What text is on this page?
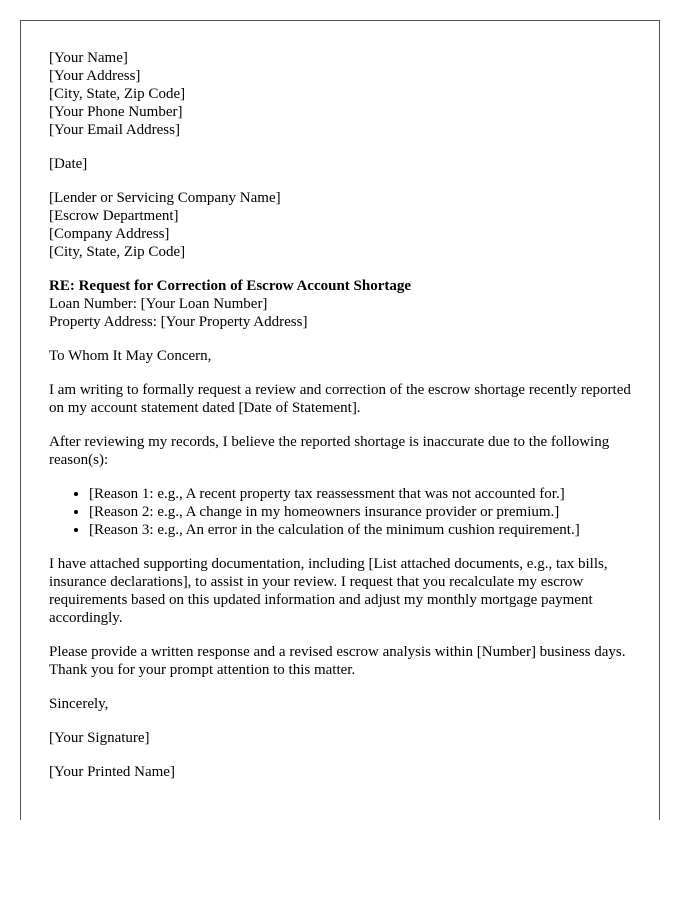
[Your Name]
[Your Address]
[City, State, Zip Code]
[Your Phone Number]
[Your Email Address]
[Date]
[Lender or Servicing Company Name]
[Escrow Department]
[Company Address]
[City, State, Zip Code]
RE: Request for Correction of Escrow Account Shortage
Loan Number: [Your Loan Number]
Property Address: [Your Property Address]

To Whom It May Concern,

I am writing to formally request a review and correction of the escrow shortage recently reported on my account statement dated [Date of Statement].

After reviewing my records, I believe the reported shortage is inaccurate due to the following reason(s):

• [Reason 1: e.g., A recent property tax reassessment that was not accounted for.]
• [Reason 2: e.g., A change in my homeowners insurance provider or premium.]
• [Reason 3: e.g., An error in the calculation of the minimum cushion requirement.]

I have attached supporting documentation, including [List attached documents, e.g., tax bills, insurance declarations], to assist in your review. I request that you recalculate my escrow requirements based on this updated information and adjust my monthly mortgage payment accordingly.

Please provide a written response and a revised escrow analysis within [Number] business days. Thank you for your prompt attention to this matter.

Sincerely,

[Your Signature]

[Your Printed Name]
